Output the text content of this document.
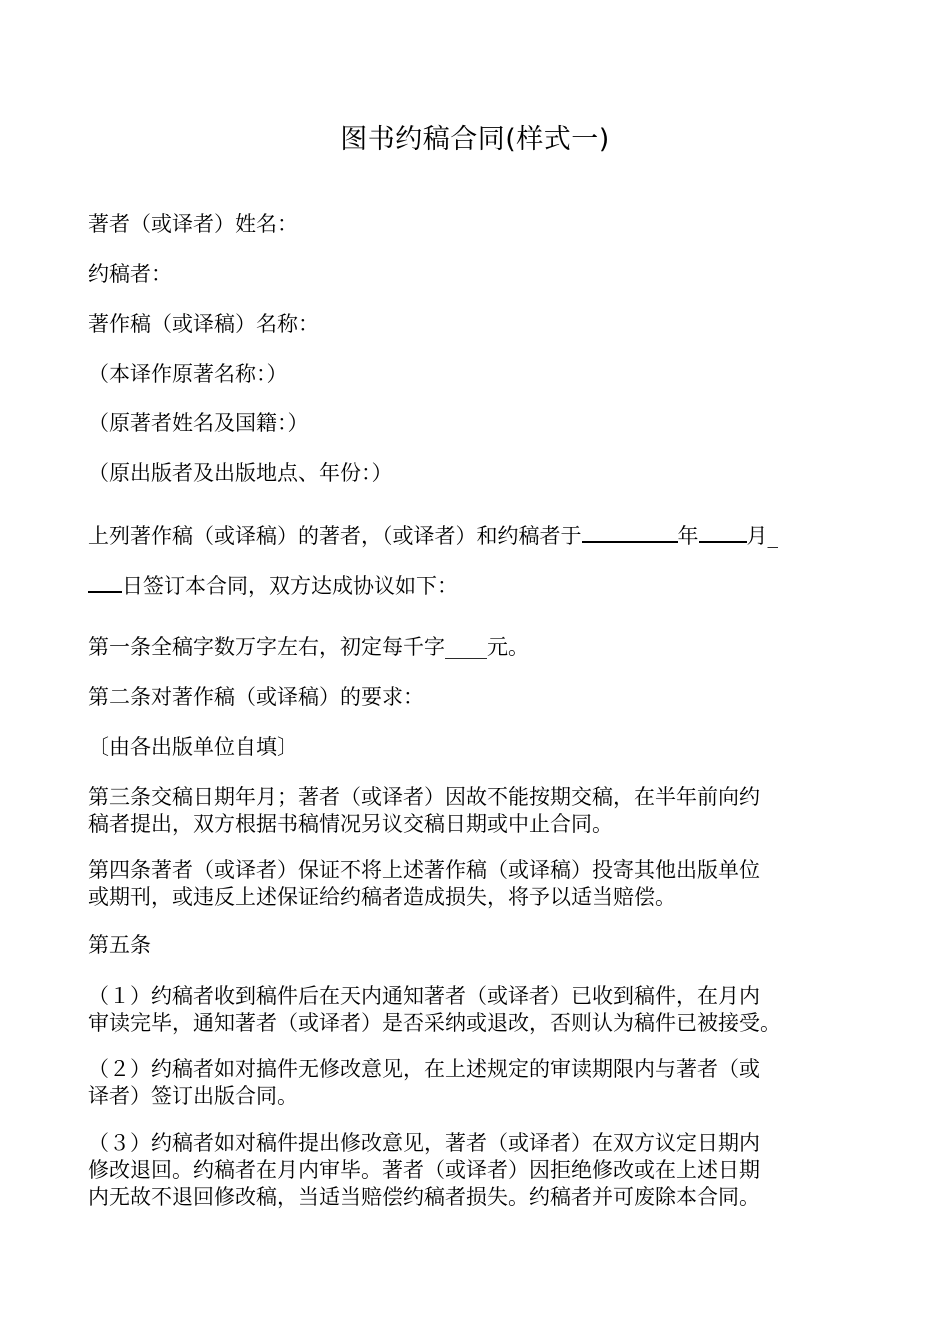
图书约稿合同(样式一)
著者（或译者）姓名：
约稿者：
著作稿（或译稿）名称：
（本译作原著名称：）
（原著者姓名及国籍：）
（原出版者及出版地点、年份：）
上列著作稿（或译稿）的著者，（或译者）和约稿者于	年 月_
日签订本合同，双方达成协议如下：
第一条全稿字数万字左右，初定每千字____元。
第二条对著作稿（或译稿）的要求：
〔由各出版单位自填〕
第三条交稿日期年月；著者（或译者）因故不能按期交稿，在半年前向约
稿者提出，双方根据书稿情况另议交稿日期或中止合同。
第四条著者（或译者）保证不将上述著作稿（或译稿）投寄其他出版单位
或期刊，或违反上述保证给约稿者造成损失，将予以适当赔偿。
第五条
（１）约稿者收到稿件后在天内通知著者（或译者）已收到稿件，在月内
审读完毕，通知著者（或译者）是否采纳或退改，否则认为稿件已被接受。
（２）约稿者如对搞件无修改意见，在上述规定的审读期限内与著者（或
译者）签订出版合同。
（３）约稿者如对稿件提出修改意见，著者（或译者）在双方议定日期内
修改退回。约稿者在月内审毕。著者（或译者）因拒绝修改或在上述日期
内无故不退回修改稿，当适当赔偿约稿者损失。约稿者并可废除本合同。
